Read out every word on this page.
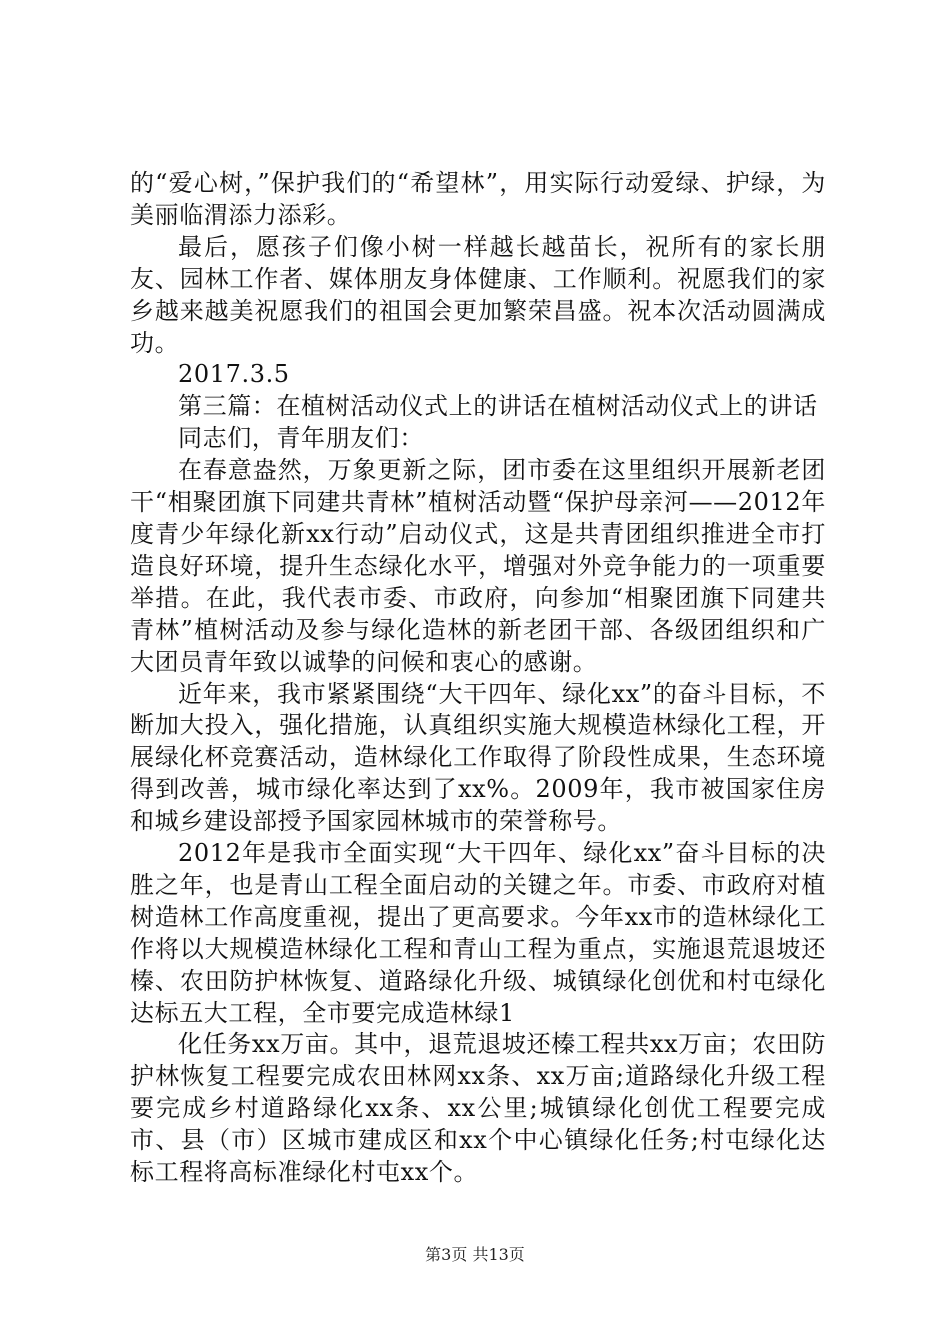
的“爱心树，”保护我们的“希望林”，用实际行动爱绿、护绿，为美丽临渭添力添彩。

最后，愿孩子们像小树一样越长越苗长，祝所有的家长朋友、园林工作者、媒体朋友身体健康、工作顺利。祝愿我们的家乡越来越美祝愿我们的祖国会更加繁荣昌盛。祝本次活动圆满成功。

2017.3.5

第三篇：在植树活动仪式上的讲话在植树活动仪式上的讲话

同志们，青年朋友们：

在春意盎然，万象更新之际，团市委在这里组织开展新老团干“相聚团旗下同建共青林”植树活动暨“保护母亲河——2012年度青少年绿化新xx行动”启动仪式，这是共青团组织推进全市打造良好环境，提升生态绿化水平，增强对外竞争能力的一项重要举措。在此，我代表市委、市政府，向参加“相聚团旗下同建共青林”植树活动及参与绿化造林的新老团干部、各级团组织和广大团员青年致以诚挚的问候和衷心的感谢。

近年来，我市紧紧围绕“大干四年、绿化xx”的奋斗目标，不断加大投入，强化措施，认真组织实施大规模造林绿化工程，开展绿化杯竞赛活动，造林绿化工作取得了阶段性成果，生态环境得到改善，城市绿化率达到了xx%。2009年，我市被国家住房和城乡建设部授予国家园林城市的荣誉称号。

2012年是我市全面实现“大干四年、绿化xx”奋斗目标的决胜之年，也是青山工程全面启动的关键之年。市委、市政府对植树造林工作高度重视，提出了更高要求。今年xx市的造林绿化工作将以大规模造林绿化工程和青山工程为重点，实施退荒退坡还榛、农田防护林恢复、道路绿化升级、城镇绿化创优和村屯绿化达标五大工程，全市要完成造林绿1

化任务xx万亩。其中，退荒退坡还榛工程共xx万亩；农田防护林恢复工程要完成农田林网xx条、xx万亩;道路绿化升级工程要完成乡村道路绿化xx条、xx公里;城镇绿化创优工程要完成市、县（市）区城市建成区和xx个中心镇绿化任务;村屯绿化达标工程将高标准绿化村屯xx个。

第3页 共13页
